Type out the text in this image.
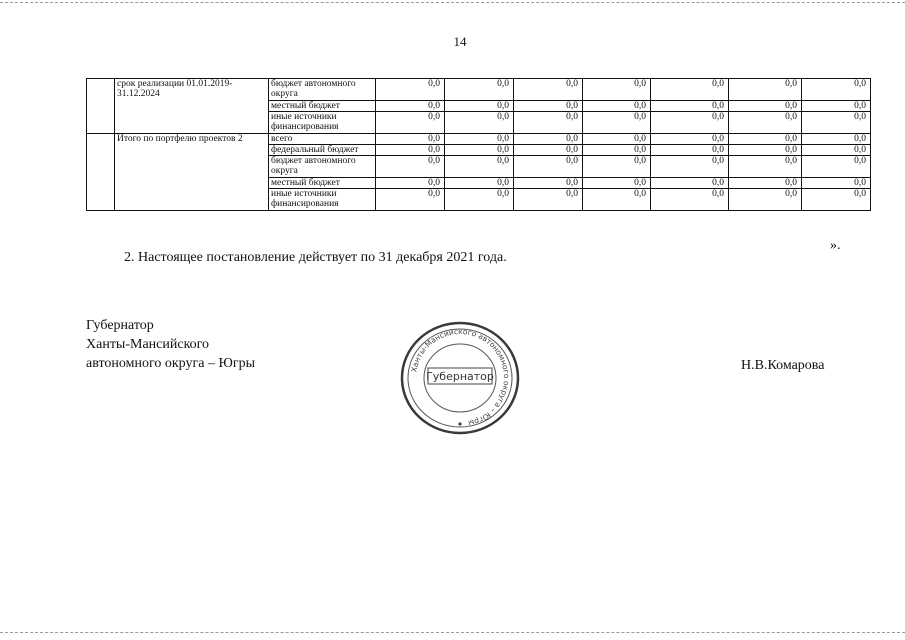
14
	срок реализации 01.01.2019-31.12.2024	бюджет автономного округа	0,0	0,0	0,0	0,0	0,0	0,0	0,0
		местный бюджет	0,0	0,0	0,0	0,0	0,0	0,0	0,0
		иные источники финансирования	0,0	0,0	0,0	0,0	0,0	0,0	0,0
	Итого по портфелю проектов 2	всего	0,0	0,0	0,0	0,0	0,0	0,0	0,0
		федеральный бюджет	0,0	0,0	0,0	0,0	0,0	0,0	0,0
		бюджет автономного округа	0,0	0,0	0,0	0,0	0,0	0,0	0,0
		местный бюджет	0,0	0,0	0,0	0,0	0,0	0,0	0,0
		иные источники финансирования	0,0	0,0	0,0	0,0	0,0	0,0	0,0
».
2. Настоящее постановление действует по 31 декабря 2021 года.
Губернатор
Ханты-Мансийского
автономного округа – Югры	Ханты-Мансийского автономного округа – Югры
Губернатор
Н.В.Комарова
